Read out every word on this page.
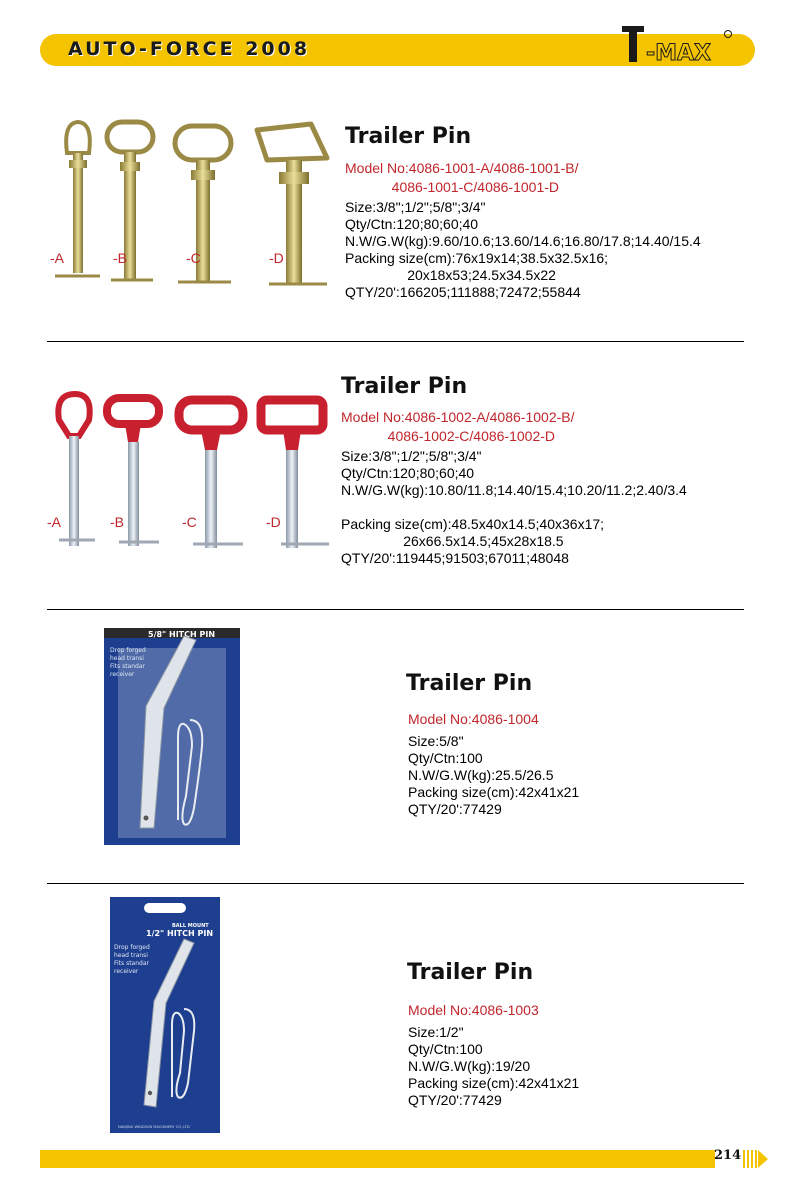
AUTO-FORCE 2008	-MAX
-A	-B	-C	-D
Trailer Pin
Model No:4086-1001-A/4086-1001-B/
4086-1001-C/4086-1001-D
Size:3/8";1/2";5/8";3/4"
Qty/Ctn:120;80;60;40
N.W/G.W(kg):9.60/10.6;13.60/14.6;16.80/17.8;14.40/15.4
Packing size(cm):76x19x14;38.5x32.5x16;
20x18x53;24.5x34.5x22
QTY/20':166205;111888;72472;55844
-A	-B	-C	-D
Trailer Pin
Model No:4086-1002-A/4086-1002-B/
4086-1002-C/4086-1002-D
Size:3/8";1/2";5/8";3/4"
Qty/Ctn:120;80;60;40
N.W/G.W(kg):10.80/11.8;14.40/15.4;10.20/11.2;2.40/3.4

Packing size(cm):48.5x40x14.5;40x36x17;
26x66.5x14.5;45x28x18.5
QTY/20':119445;91503;67011;48048
5/8" HITCH PIN
Drop forged
head transi
Fits standar
receiver	Trailer Pin
Model No:4086-1004
Size:5/8"
Qty/Ctn:100
N.W/G.W(kg):25.5/26.5
Packing size(cm):42x41x21
QTY/20':77429
BALL MOUNT
1/2" HITCH PIN
Drop forged
head transi
Fits standar
receiver
NANJING WINDSUN MACHINERY CO.,LTD
Trailer Pin
Model No:4086-1003
Size:1/2"
Qty/Ctn:100
N.W/G.W(kg):19/20
Packing size(cm):42x41x21
QTY/20':77429
214
